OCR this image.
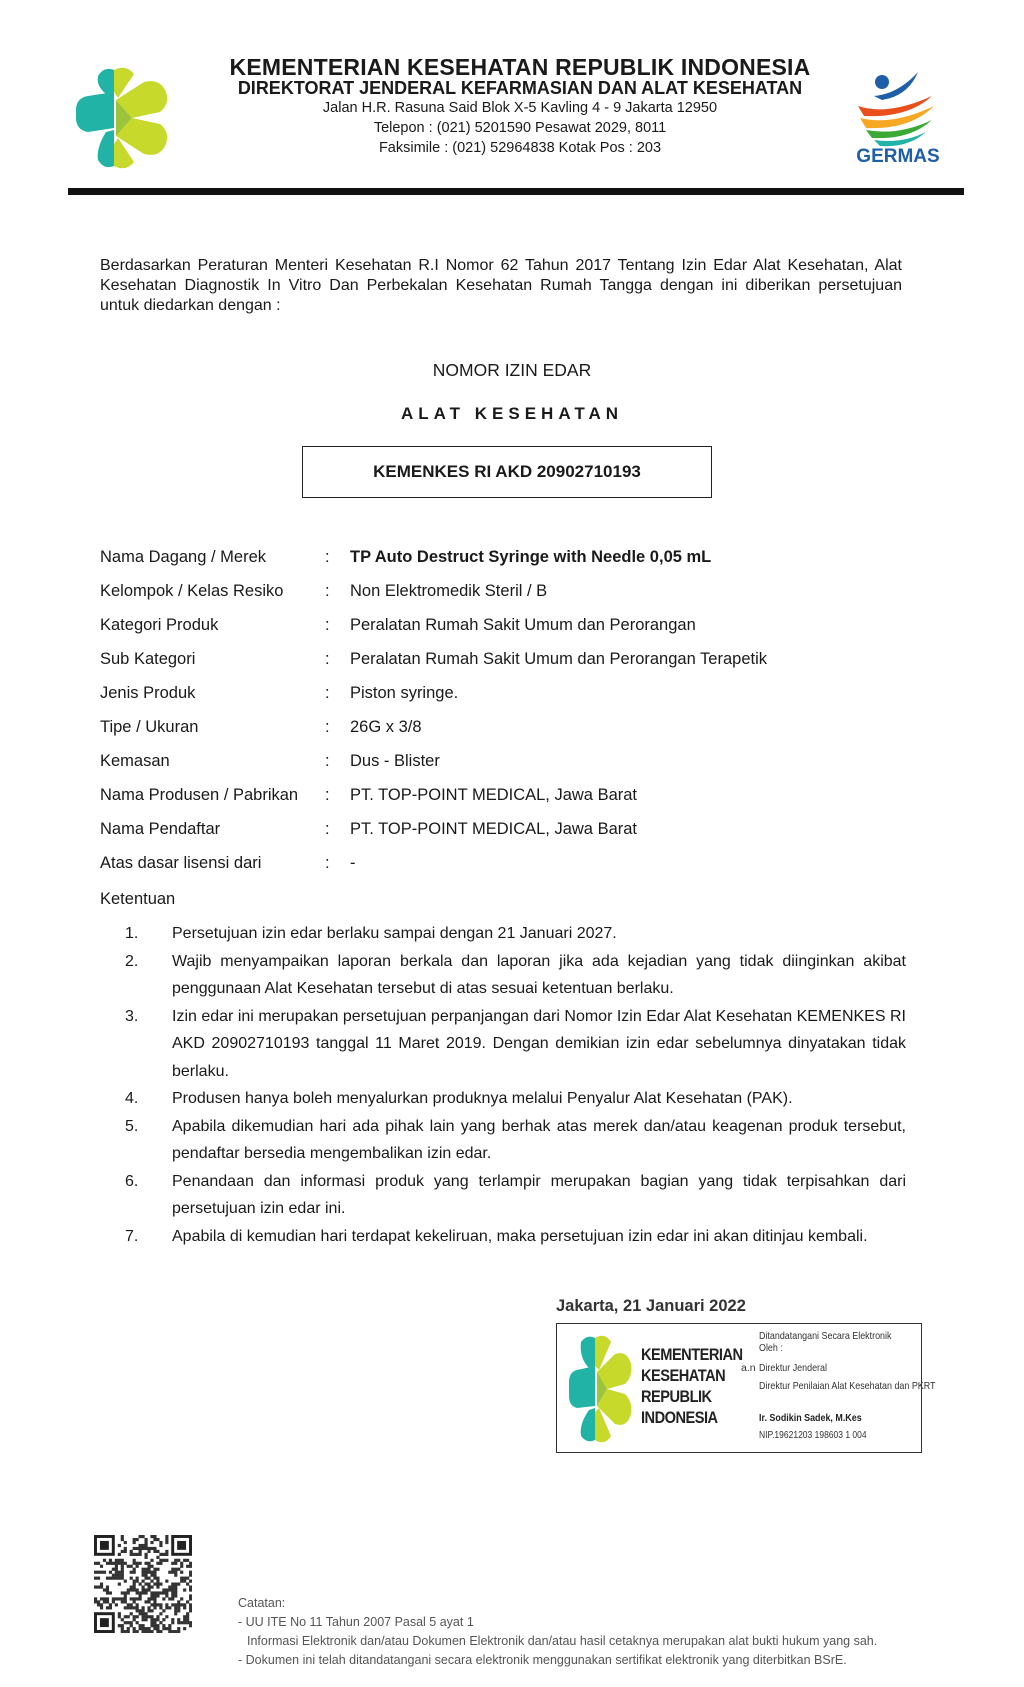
KEMENTERIAN KESEHATAN REPUBLIK INDONESIA
DIREKTORAT JENDERAL KEFARMASIAN DAN ALAT KESEHATAN
Jalan H.R. Rasuna Said Blok X-5 Kavling 4 - 9 Jakarta 12950
Telepon : (021) 5201590 Pesawat 2029, 8011
Faksimile : (021) 52964838 Kotak Pos : 203	GERMAS
Berdasarkan Peraturan Menteri Kesehatan R.I Nomor 62 Tahun 2017 Tentang Izin Edar Alat Kesehatan, Alat Kesehatan Diagnostik In Vitro Dan Perbekalan Kesehatan Rumah Tangga dengan ini diberikan persetujuan untuk diedarkan dengan :
NOMOR IZIN EDAR
ALAT KESEHATAN
KEMENKES RI AKD 20902710193
Nama Dagang / Merek	: TP Auto Destruct Syringe with Needle 0,05 mL
Kelompok / Kelas Resiko	: Non Elektromedik Steril / B
Kategori Produk	: Peralatan Rumah Sakit Umum dan Perorangan
Sub Kategori	: Peralatan Rumah Sakit Umum dan Perorangan Terapetik
Jenis Produk	: Piston syringe.
Tipe / Ukuran	: 26G x 3/8
Kemasan	: Dus - Blister
Nama Produsen / Pabrikan : PT. TOP-POINT MEDICAL, Jawa Barat
Nama Pendaftar	: PT. TOP-POINT MEDICAL, Jawa Barat
Atas dasar lisensi dari	: -
Ketentuan
1. Persetujuan izin edar berlaku sampai dengan 21 Januari 2027.
2. Wajib menyampaikan laporan berkala dan laporan jika ada kejadian yang tidak diinginkan akibat penggunaan Alat Kesehatan tersebut di atas sesuai ketentuan berlaku.
3. Izin edar ini merupakan persetujuan perpanjangan dari Nomor Izin Edar Alat Kesehatan KEMENKES RI AKD 20902710193 tanggal 11 Maret 2019. Dengan demikian izin edar sebelumnya dinyatakan tidak berlaku.
4. Produsen hanya boleh menyalurkan produknya melalui Penyalur Alat Kesehatan (PAK).
5. Apabila dikemudian hari ada pihak lain yang berhak atas merek dan/atau keagenan produk tersebut, pendaftar bersedia mengembalikan izin edar.
6. Penandaan dan informasi produk yang terlampir merupakan bagian yang tidak terpisahkan dari persetujuan izin edar ini.
7. Apabila di kemudian hari terdapat kekeliruan, maka persetujuan izin edar ini akan ditinjau kembali.
Jakarta, 21 Januari 2022
KEMENTERIAN
KESEHATAN
REPUBLIK
INDONESIA
Ditandatangani Secara Elektronik Oleh :
a.n Direktur Jenderal
Direktur Penilaian Alat Kesehatan dan PKRT
Ir. Sodikin Sadek, M.Kes
NIP.19621203 198603 1 004
Catatan:
- UU ITE No 11 Tahun 2007 Pasal 5 ayat 1
Informasi Elektronik dan/atau Dokumen Elektronik dan/atau hasil cetaknya merupakan alat bukti hukum yang sah.
- Dokumen ini telah ditandatangani secara elektronik menggunakan sertifikat elektronik yang diterbitkan BSrE.
